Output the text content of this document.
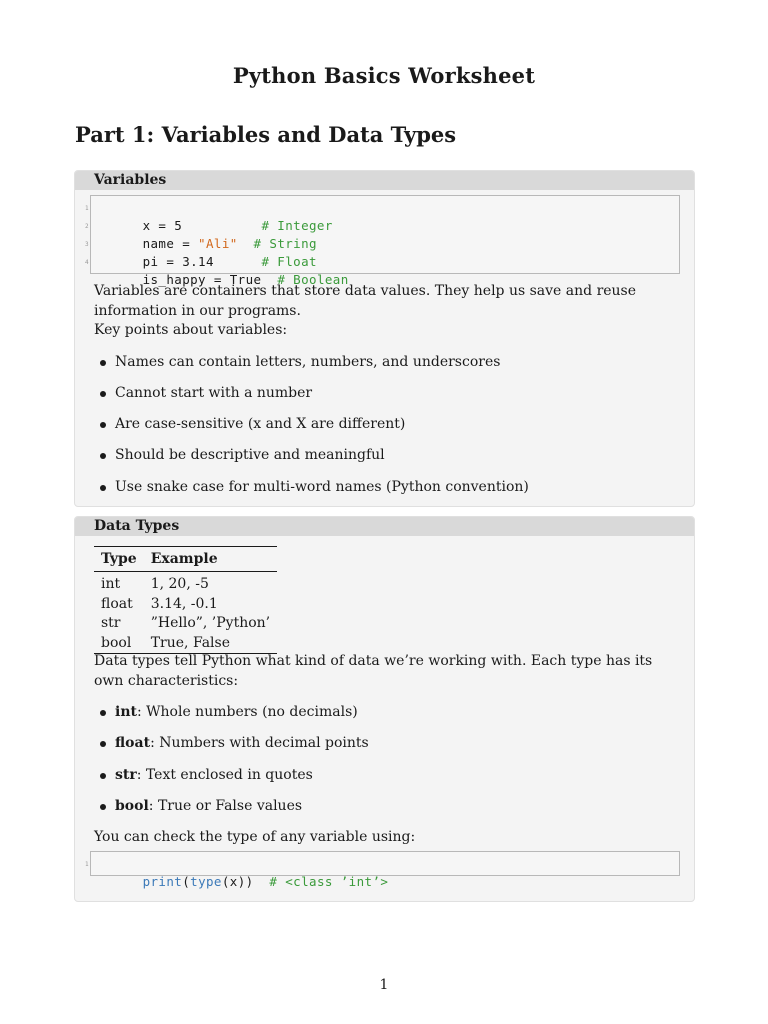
Python Basics Worksheet
Part 1: Variables and Data Types
Variables

1
x = 5          # Integer

2
name = "Ali" # String

3
pi = 3.14      # Float

4
is_happy = True  # Boolean

Variables are containers that store data values. They help us save and reuse information in our programs.

Key points about variables:

Names can contain letters, numbers, and underscores
Cannot start with a number
Are case-sensitive (x and X are different)
Should be descriptive and meaningful
Use snake case for multi-word names (Python convention)
Data Types
Type	Example
int	1, 20, -5
float	3.14, -0.1
str	”Hello”, ’Python’
bool	True, False

Data types tell Python what kind of data we’re working with. Each type has its own characteristics:

int: Whole numbers (no decimals)
float: Numbers with decimal points
str: Text enclosed in quotes
bool: True or False values

You can check the type of any variable using:

1
print(type(x))  # <class ’int’>

1
